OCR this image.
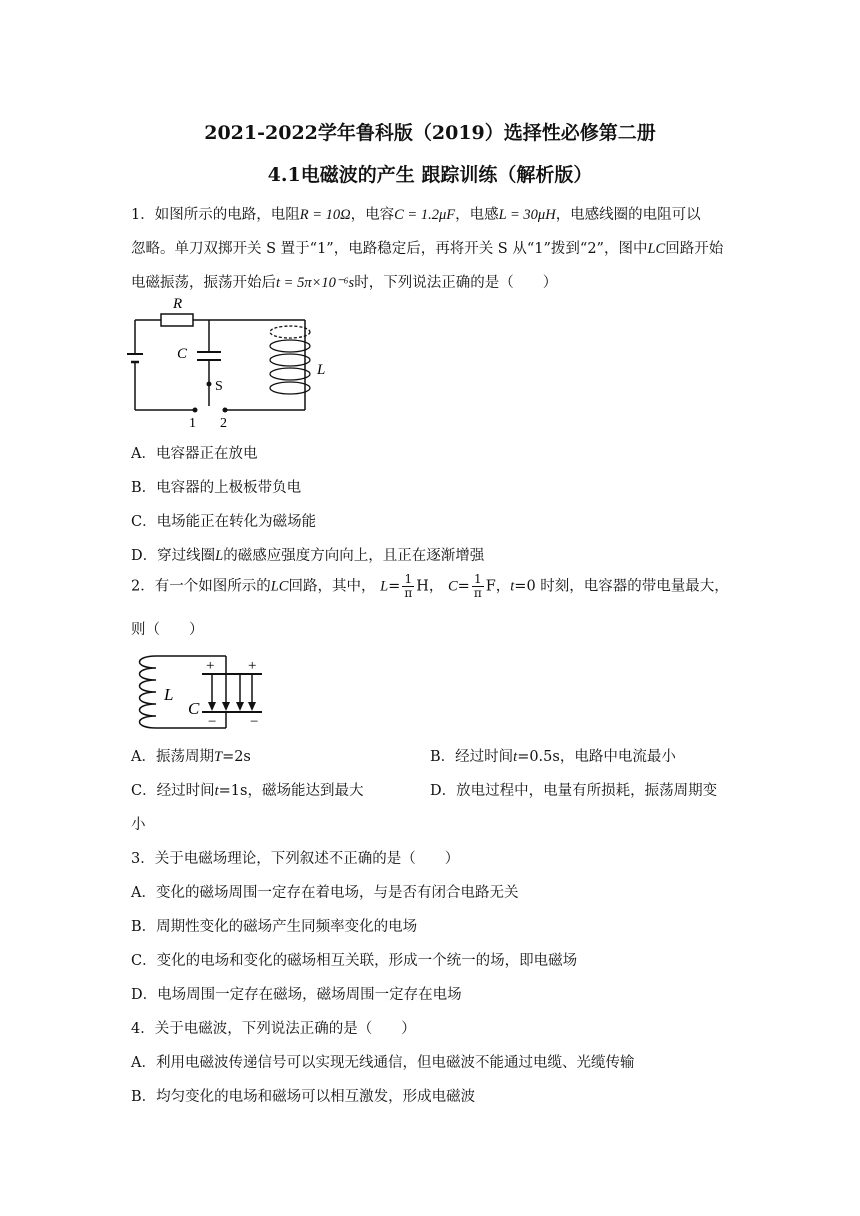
2021-2022学年鲁科版（2019）选择性必修第二册
4.1电磁波的产生 跟踪训练（解析版）
1．如图所示的电路，电阻R = 10Ω，电容C = 1.2μF，电感L = 30μH，电感线圈的电阻可以
忽略。单刀双掷开关 S 置于“1”，电路稳定后，再将开关 S 从“1”拨到“2”，图中LC回路开始
电磁振荡，振荡开始后t = 5π×10⁻⁶s时，下列说法正确的是（　　）
R
C
S
L
1 2
A．电容器正在放电
B．电容器的上极板带负电
C．电场能正在转化为磁场能
D．穿过线圈L的磁感应强度方向向上，且正在逐渐增强
2．有一个如图所示的LC回路，其中， $L= \frac{1}{\pi}$ H， $C= \frac{1}{\pi}$ F，t=0 时刻，电容器的带电量最大，
则（　　）
+ +
− −
L
C
A．振荡周期T=2s	B．经过时间t=0.5s，电路中电流最小
C．经过时间t=1s，磁场能达到最大	D．放电过程中，电量有所损耗，振荡周期变
小
3．关于电磁场理论，下列叙述不正确的是（　　）
A．变化的磁场周围一定存在着电场，与是否有闭合电路无关
B．周期性变化的磁场产生同频率变化的电场
C．变化的电场和变化的磁场相互关联，形成一个统一的场，即电磁场
D．电场周围一定存在磁场，磁场周围一定存在电场
4．关于电磁波，下列说法正确的是（　　）
A．利用电磁波传递信号可以实现无线通信，但电磁波不能通过电缆、光缆传输
B．均匀变化的电场和磁场可以相互激发，形成电磁波
